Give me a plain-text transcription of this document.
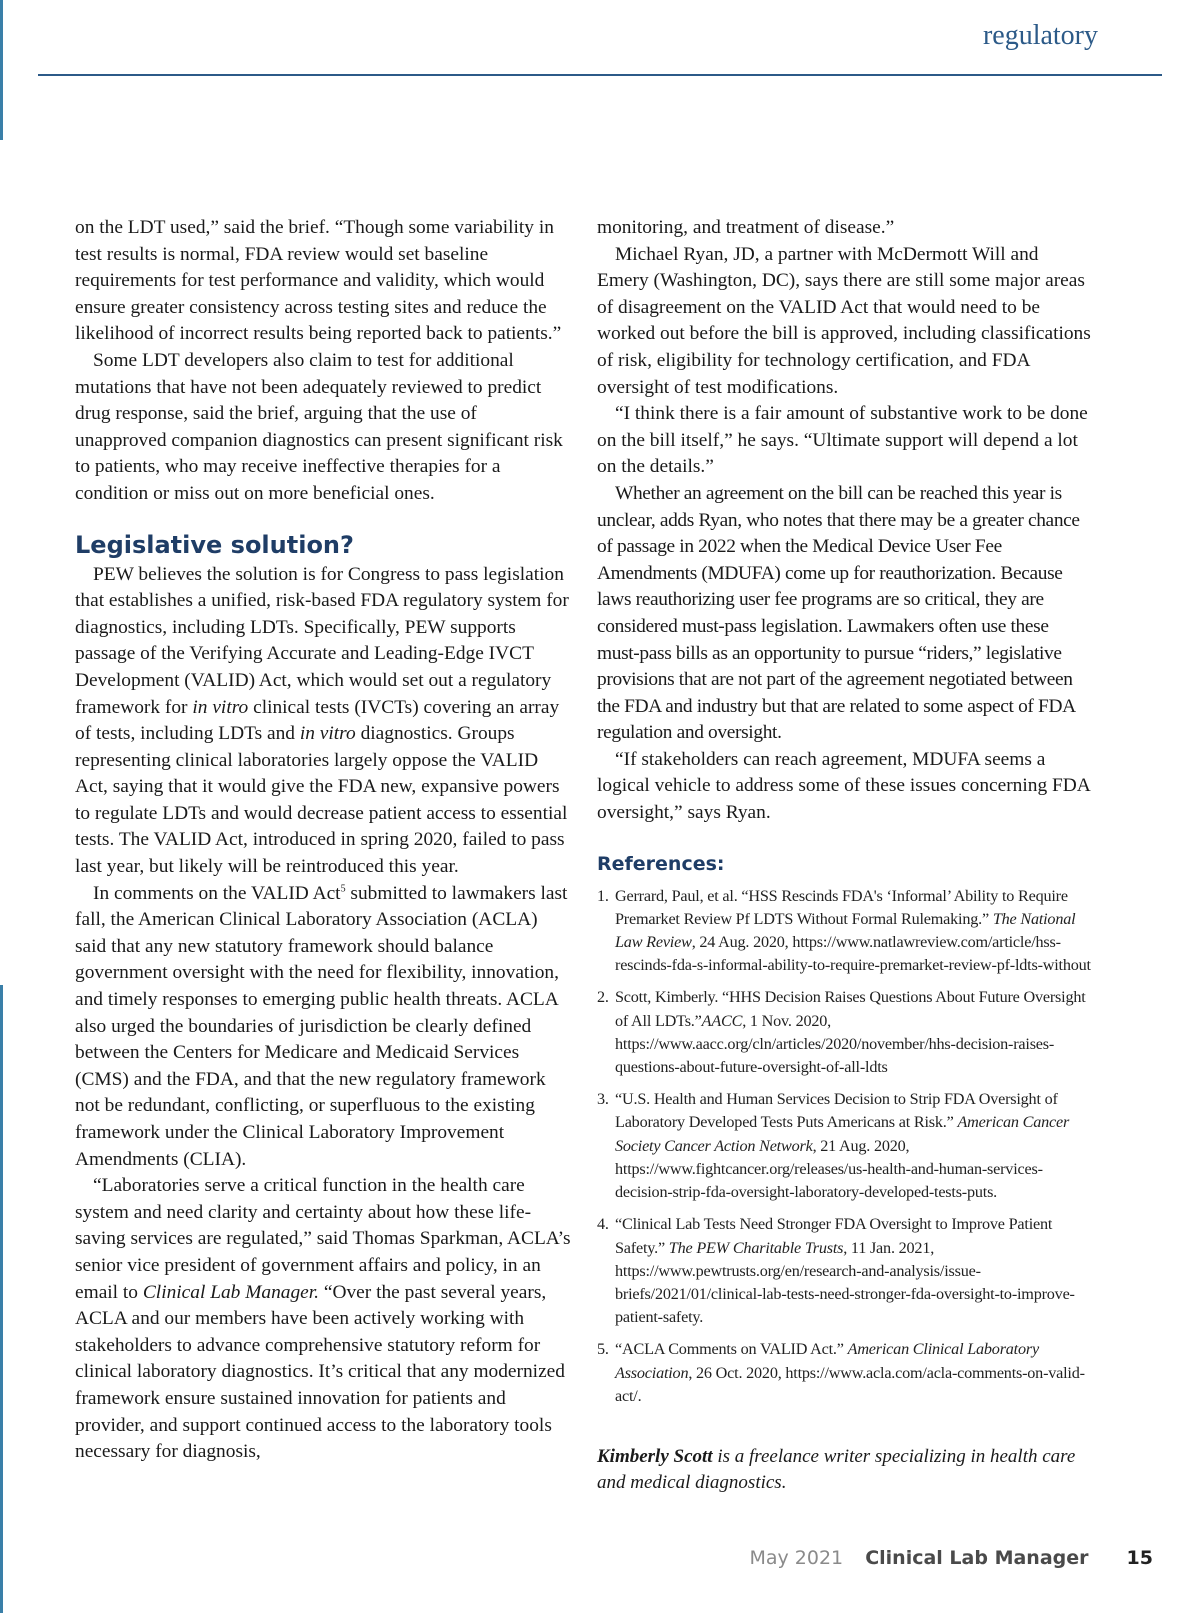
regulatory

on the LDT used,” said the brief. “Though some variability in test results is normal, FDA review would set baseline requirements for test performance and validity, which would ensure greater consistency across testing sites and reduce the likelihood of incorrect results being reported back to patients.”

Some LDT developers also claim to test for additional mutations that have not been adequately reviewed to predict drug response, said the brief, arguing that the use of unapproved companion diagnostics can present significant risk to patients, who may receive ineffective therapies for a condition or miss out on more beneficial ones.

Legislative solution?

PEW believes the solution is for Congress to pass legislation that establishes a unified, risk-based FDA regulatory system for diagnostics, including LDTs. Specifically, PEW supports passage of the Verifying Accurate and Leading-Edge IVCT Development (VALID) Act, which would set out a regulatory framework for in vitro clinical tests (IVCTs) covering an array of tests, including LDTs and in vitro diagnostics. Groups representing clinical laboratories largely oppose the VALID Act, saying that it would give the FDA new, expansive powers to regulate LDTs and would decrease patient access to essential tests. The VALID Act, introduced in spring 2020, failed to pass last year, but likely will be reintroduced this year.

In comments on the VALID Act$^5$ submitted to lawmakers last fall, the American Clinical Laboratory Association (ACLA) said that any new statutory framework should balance government oversight with the need for flexibility, innovation, and timely responses to emerging public health threats. ACLA also urged the boundaries of jurisdiction be clearly defined between the Centers for Medicare and Medicaid Services (CMS) and the FDA, and that the new regulatory framework not be redundant, conflicting, or superfluous to the existing framework under the Clinical Laboratory Improvement Amendments (CLIA).

“Laboratories serve a critical function in the health care system and need clarity and certainty about how these life-saving services are regulated,” said Thomas Sparkman, ACLA’s senior vice president of government affairs and policy, in an email to Clinical Lab Manager. “Over the past several years, ACLA and our members have been actively working with stakeholders to advance comprehensive statutory reform for clinical laboratory diagnostics. It’s critical that any modernized framework ensure sustained innovation for patients and provider, and support continued access to the laboratory tools necessary for diagnosis,

monitoring, and treatment of disease.”

Michael Ryan, JD, a partner with McDermott Will and Emery (Washington, DC), says there are still some major areas of disagreement on the VALID Act that would need to be worked out before the bill is approved, including classifications of risk, eligibility for technology certification, and FDA oversight of test modifications.

“I think there is a fair amount of substantive work to be done on the bill itself,” he says. “Ultimate support will depend a lot on the details.”

Whether an agreement on the bill can be reached this year is unclear, adds Ryan, who notes that there may be a greater chance of passage in 2022 when the Medical Device User Fee Amendments (MDUFA) come up for reauthorization. Because laws reauthorizing user fee programs are so critical, they are considered must-pass legislation. Lawmakers often use these must-pass bills as an opportunity to pursue “riders,” legislative provisions that are not part of the agreement negotiated between the FDA and industry but that are related to some aspect of FDA regulation and oversight.

“If stakeholders can reach agreement, MDUFA seems a logical vehicle to address some of these issues concerning FDA oversight,” says Ryan.

References:
1. Gerrard, Paul, et al. “HSS Rescinds FDA's ‘Informal’ Ability to Require Premarket Review Pf LDTS Without Formal Rulemaking.” The National Law Review, 24 Aug. 2020, https://www.natlawreview.com/article/hss-rescinds-fda-s-informal-ability-to-require-premarket-review-pf-ldts-without
2. Scott, Kimberly. “HHS Decision Raises Questions About Future Oversight of All LDTs.”AACC, 1 Nov. 2020, https://www.aacc.org/cln/articles/2020/november/hhs-decision-raises-questions-about-future-oversight-of-all-ldts
3. “U.S. Health and Human Services Decision to Strip FDA Oversight of Laboratory Developed Tests Puts Americans at Risk.” American Cancer Society Cancer Action Network, 21 Aug. 2020, https://www.fightcancer.org/releases/us-health-and-human-services-decision-strip-fda-oversight-laboratory-developed-tests-puts.
4. “Clinical Lab Tests Need Stronger FDA Oversight to Improve Patient Safety.” The PEW Charitable Trusts, 11 Jan. 2021, https://www.pewtrusts.org/en/research-and-analysis/issue-briefs/2021/01/clinical-lab-tests-need-stronger-fda-oversight-to-improve-patient-safety.
5. “ACLA Comments on VALID Act.” American Clinical Laboratory Association, 26 Oct. 2020, https://www.acla.com/acla-comments-on-valid-act/.
Kimberly Scott is a freelance writer specializing in health care and medical diagnostics.
May 2021 Clinical Lab Manager 15
